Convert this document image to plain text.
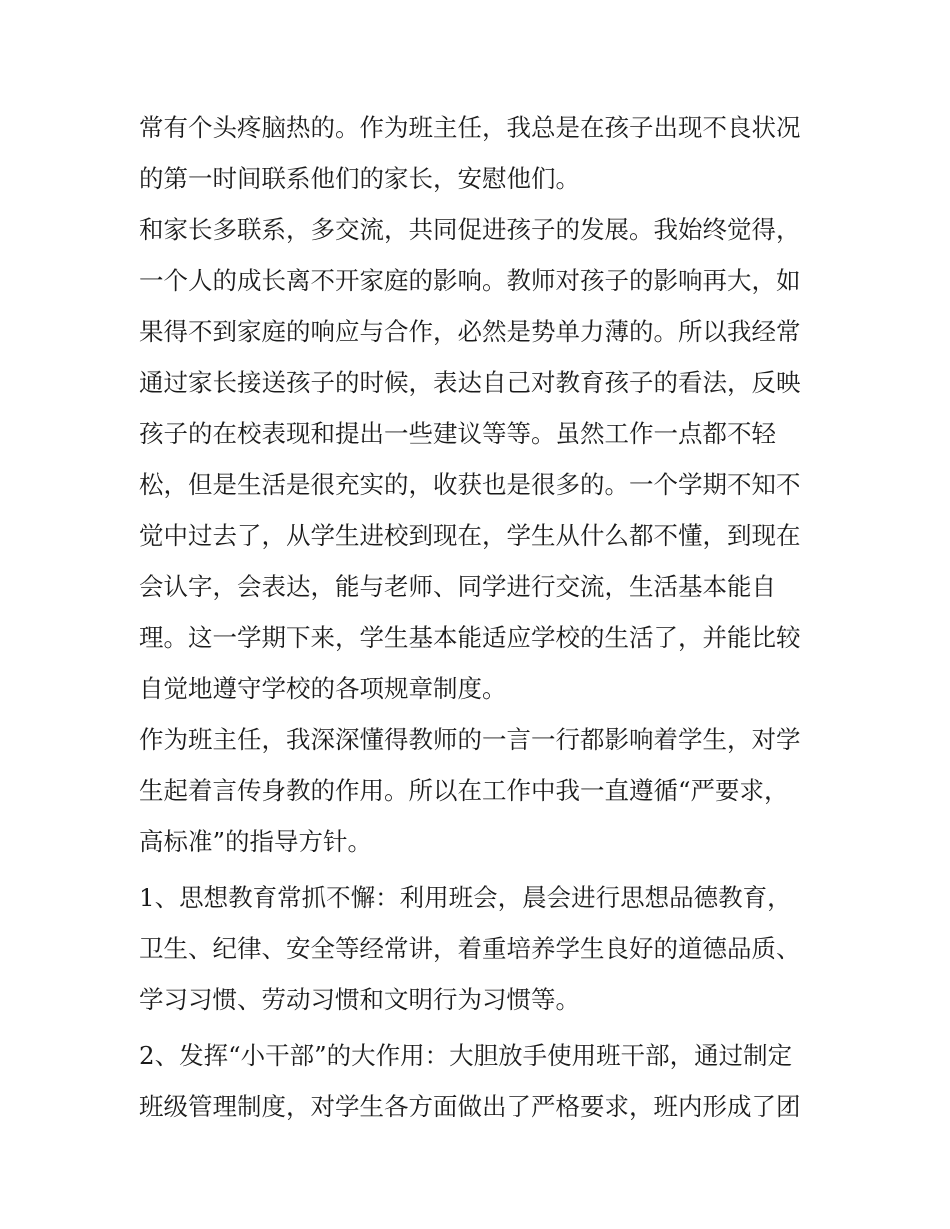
常有个头疼脑热的。作为班主任，我总是在孩子出现不良状况
的第一时间联系他们的家长，安慰他们。
和家长多联系，多交流，共同促进孩子的发展。我始终觉得，
一个人的成长离不开家庭的影响。教师对孩子的影响再大，如
果得不到家庭的响应与合作，必然是势单力薄的。所以我经常
通过家长接送孩子的时候，表达自己对教育孩子的看法，反映
孩子的在校表现和提出一些建议等等。虽然工作一点都不轻
松，但是生活是很充实的，收获也是很多的。一个学期不知不
觉中过去了，从学生进校到现在，学生从什么都不懂，到现在
会认字，会表达，能与老师、同学进行交流，生活基本能自
理。这一学期下来，学生基本能适应学校的生活了，并能比较
自觉地遵守学校的各项规章制度。
作为班主任，我深深懂得教师的一言一行都影响着学生，对学
生起着言传身教的作用。所以在工作中我一直遵循“严要求，
高标准”的指导方针。
1、思想教育常抓不懈：利用班会，晨会进行思想品德教育，
卫生、纪律、安全等经常讲，着重培养学生良好的道德品质、
学习习惯、劳动习惯和文明行为习惯等。
2、发挥“小干部”的大作用：大胆放手使用班干部，通过制定
班级管理制度，对学生各方面做出了严格要求，班内形成了团
